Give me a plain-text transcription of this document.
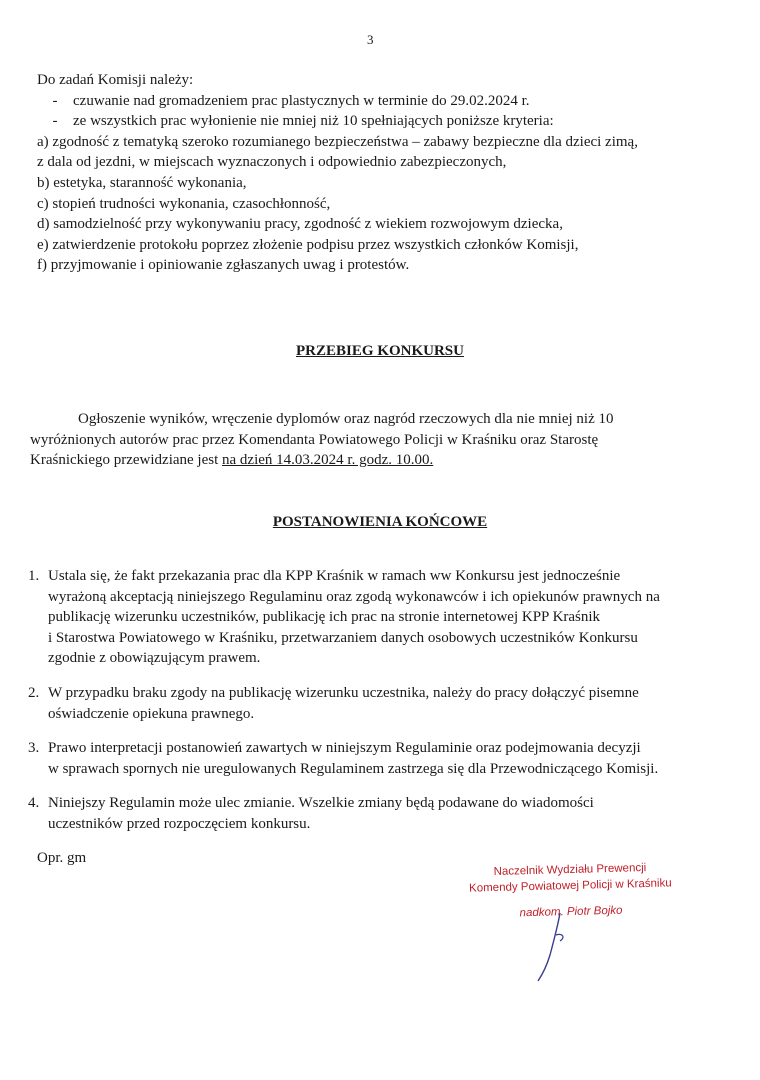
3
Do zadań Komisji należy:
- czuwanie nad gromadzeniem prac plastycznych w terminie do 29.02.2024 r.
- ze wszystkich prac wyłonienie nie mniej niż 10 spełniających poniższe kryteria:
a) zgodność z tematyką szeroko rozumianego bezpieczeństwa – zabawy bezpieczne dla dzieci zimą,
z dala od jezdni, w miejscach wyznaczonych i odpowiednio zabezpieczonych,
b) estetyka, staranność wykonania,
c) stopień trudności wykonania, czasochłonność,
d) samodzielność przy wykonywaniu pracy, zgodność z wiekiem rozwojowym dziecka,
e) zatwierdzenie protokołu poprzez złożenie podpisu przez wszystkich członków Komisji,
f) przyjmowanie i opiniowanie zgłaszanych uwag i protestów.
PRZEBIEG KONKURSU
Ogłoszenie wyników, wręczenie dyplomów oraz nagród rzeczowych dla nie mniej niż 10
wyróżnionych autorów prac przez Komendanta Powiatowego Policji w Kraśniku oraz Starostę
Kraśnickiego przewidziane jest na dzień 14.03.2024 r. godz. 10.00.
POSTANOWIENIA KOŃCOWE
1. Ustala się, że fakt przekazania prac dla KPP Kraśnik w ramach ww Konkursu jest jednocześnie
wyrażoną akceptacją niniejszego Regulaminu oraz zgodą wykonawców i ich opiekunów prawnych na
publikację wizerunku uczestników, publikację ich prac na stronie internetowej KPP Kraśnik
i Starostwa Powiatowego w Kraśniku, przetwarzaniem danych osobowych uczestników Konkursu
zgodnie z obowiązującym prawem.
2. W przypadku braku zgody na publikację wizerunku uczestnika, należy do pracy dołączyć pisemne
oświadczenie opiekuna prawnego.
3. Prawo interpretacji postanowień zawartych w niniejszym Regulaminie oraz podejmowania decyzji
w sprawach spornych nie uregulowanych Regulaminem zastrzega się dla Przewodniczącego Komisji.
4. Niniejszy Regulamin może ulec zmianie. Wszelkie zmiany będą podawane do wiadomości
uczestników przed rozpoczęciem konkursu.
Opr. gm
Naczelnik Wydziału Prewencji
Komendy Powiatowej Policji w Kraśniku
nadkom. Piotr Bojko
